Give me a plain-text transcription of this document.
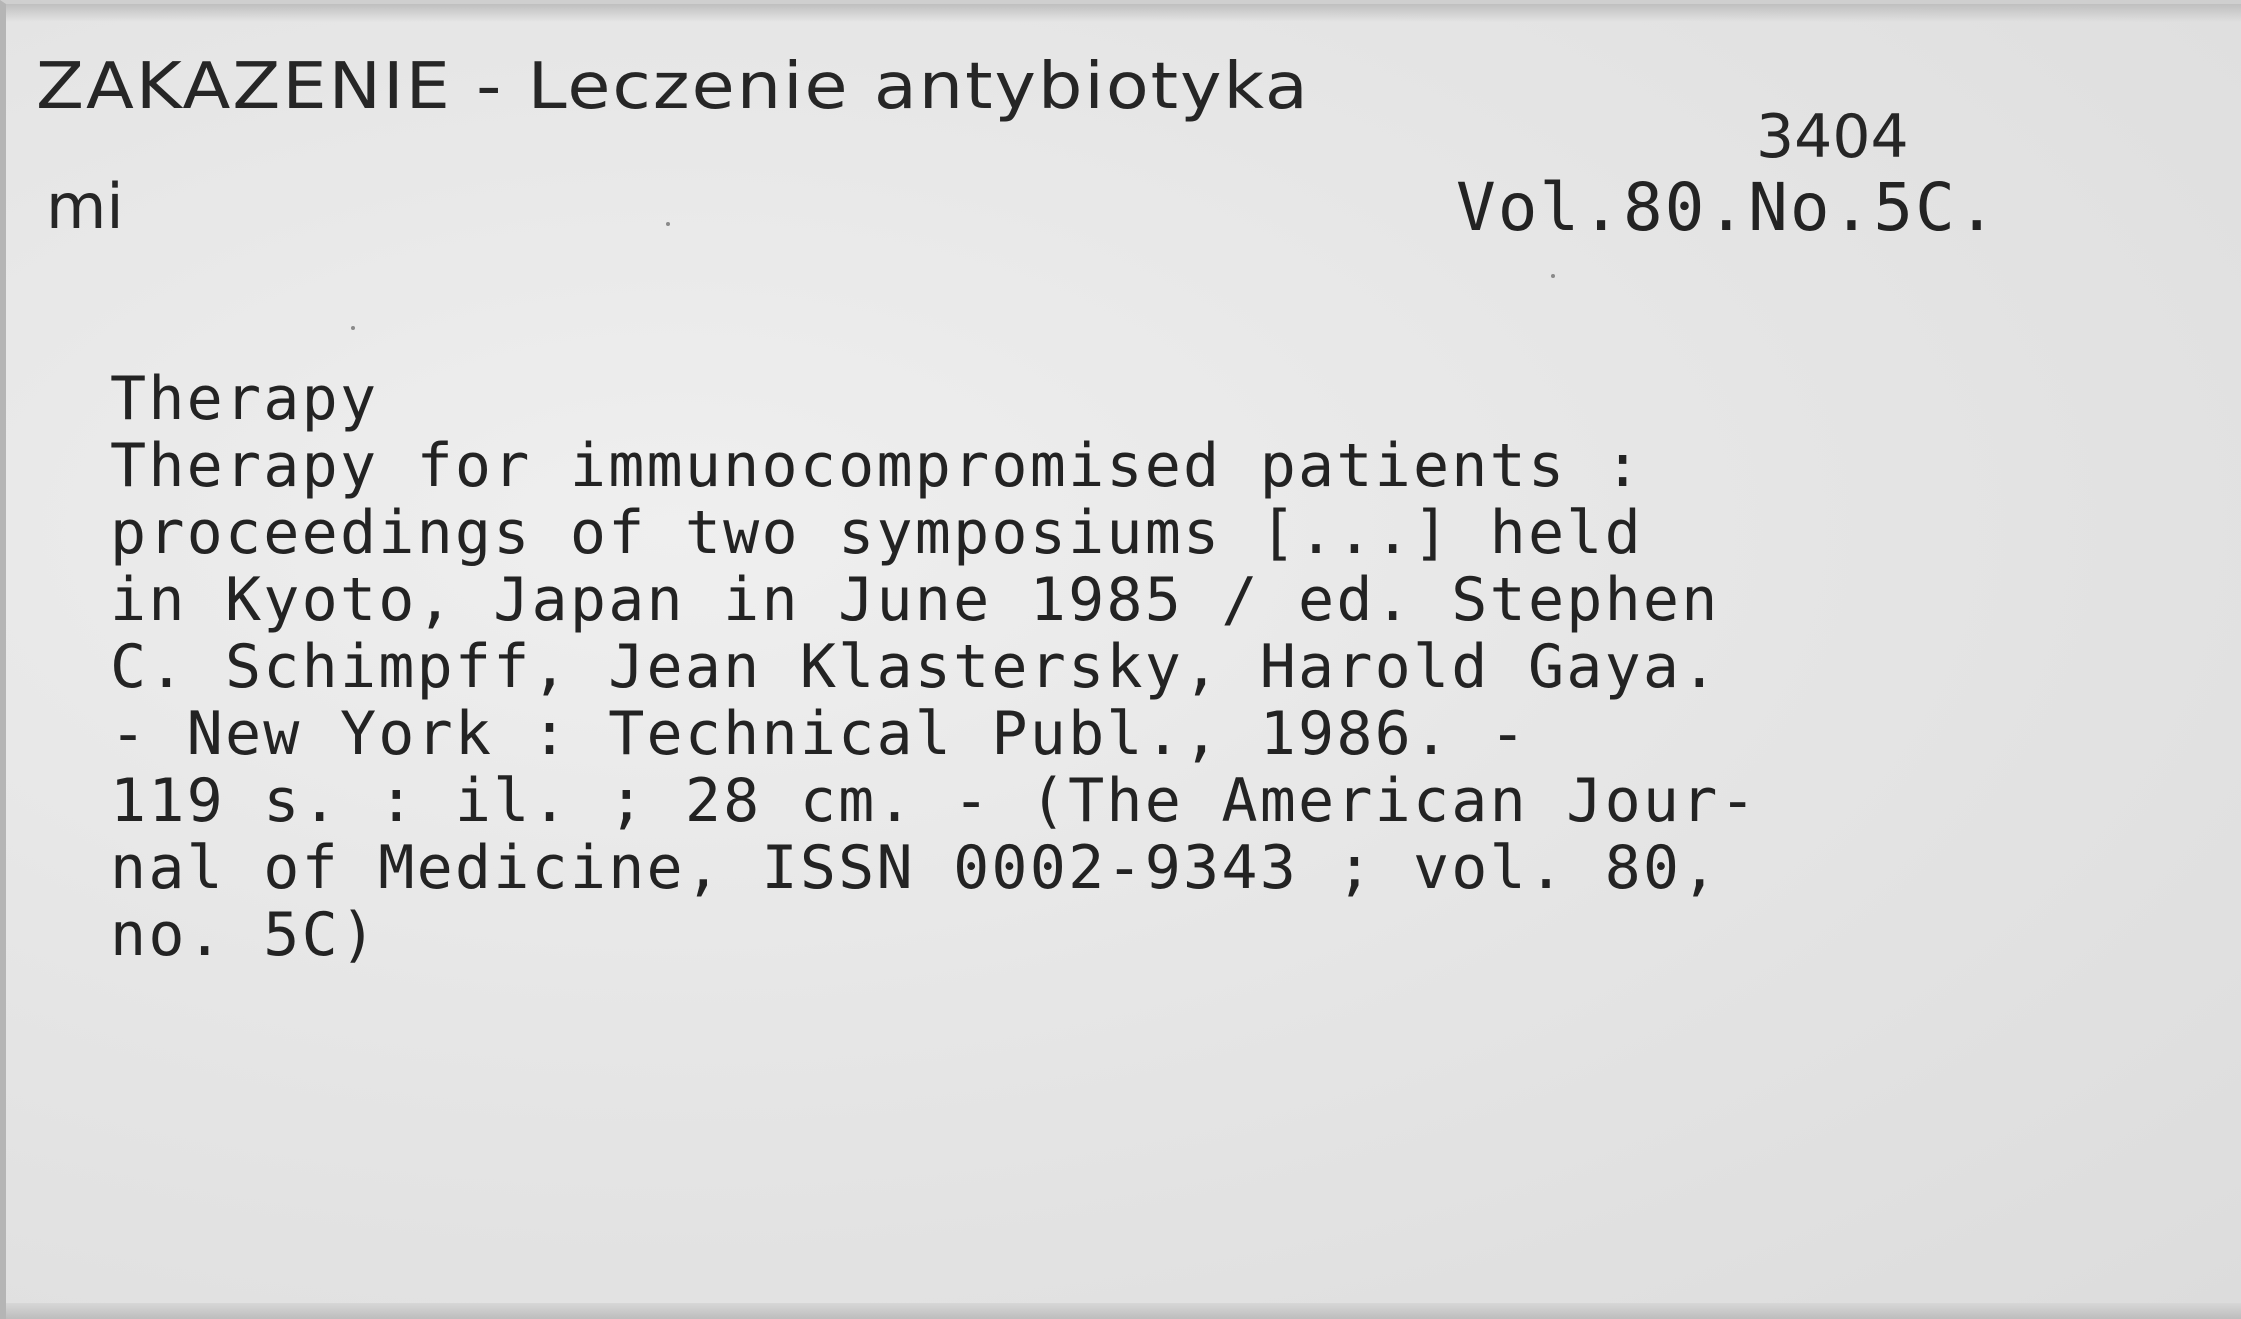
ZAKAZENIE - Leczenie antybiotyka
3404
mi	Vol.80.No.5C.
Therapy
Therapy for immunocompromised patients :
proceedings of two symposiums [...] held
in Kyoto, Japan in June 1985 / ed. Stephen
C. Schimpff, Jean Klastersky, Harold Gaya.
- New York : Technical Publ., 1986. -
119 s. : il. ; 28 cm. - (The American Jour-
nal of Medicine, ISSN 0002-9343 ; vol. 80,
no. 5C)
